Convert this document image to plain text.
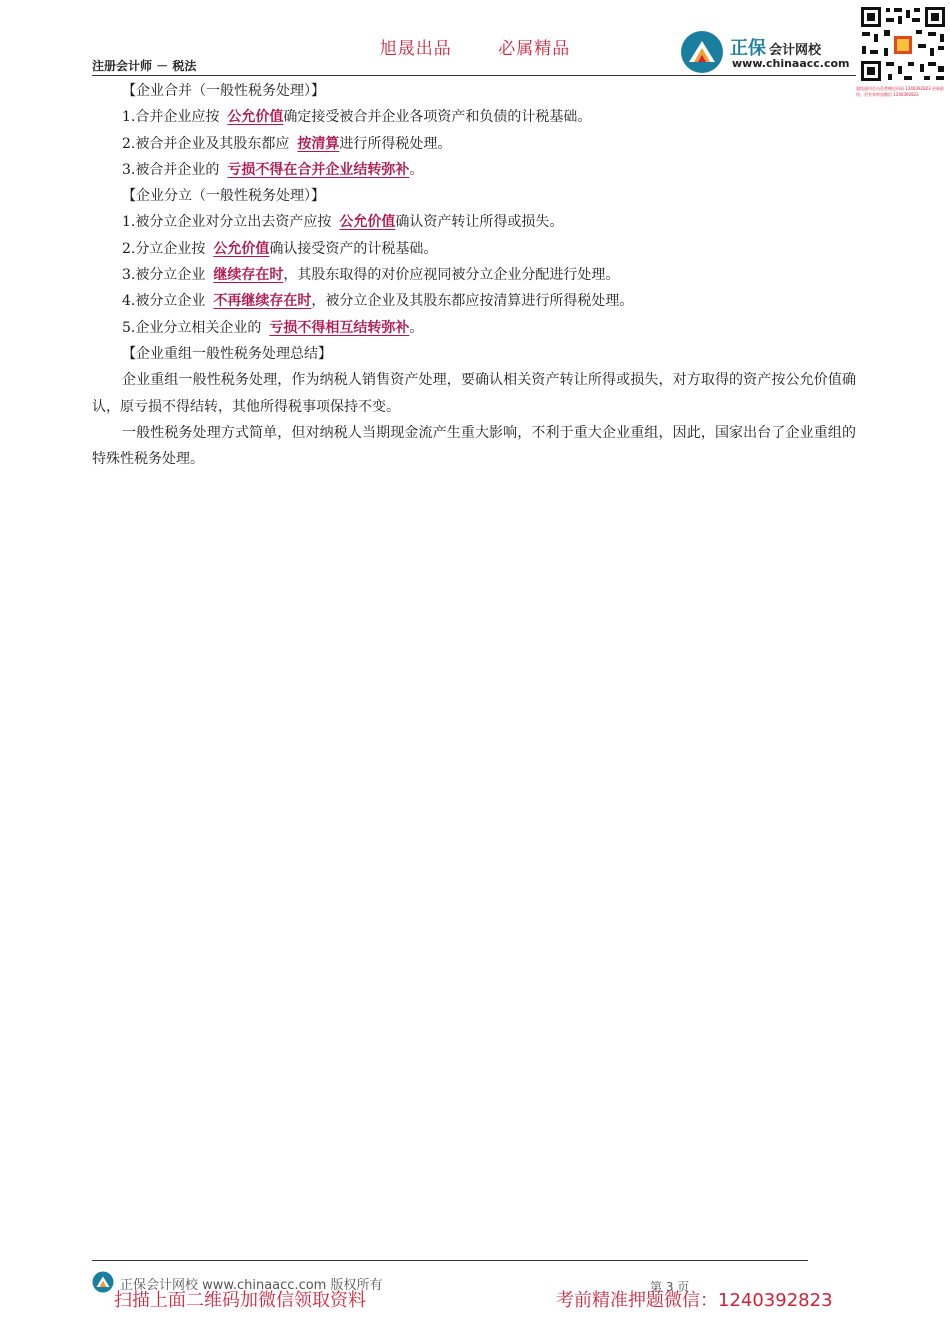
旭晟出品	必属精品
注册会计师 － 税法
正保 会计网校
www.chinaacc.com
超级通用会员免费赠送资料 1240392823 更新最快、更有效率加微信 1240392823

【企业合并（一般性税务处理）】

1.合并企业应按 公允价值确定接受被合并企业各项资产和负债的计税基础。

2.被合并企业及其股东都应 按清算进行所得税处理。

3.被合并企业的 亏损不得在合并企业结转弥补。

【企业分立（一般性税务处理）】

1.被分立企业对分立出去资产应按 公允价值确认资产转让所得或损失。

2.分立企业按 公允价值确认接受资产的计税基础。

3.被分立企业 继续存在时，其股东取得的对价应视同被分立企业分配进行处理。

4.被分立企业 不再继续存在时，被分立企业及其股东都应按清算进行所得税处理。

5.企业分立相关企业的 亏损不得相互结转弥补。

【企业重组一般性税务处理总结】

企业重组一般性税务处理，作为纳税人销售资产处理，要确认相关资产转让所得或损失，对方取得的资产按公允价值确认，原亏损不得结转，其他所得税事项保持不变。

一般性税务处理方式简单，但对纳税人当期现金流产生重大影响，不利于重大企业重组，因此，国家出台了企业重组的特殊性税务处理。

正保会计网校 www.chinaacc.com 版权所有	第 3 页
扫描上面二维码加微信领取资料	考前精准押题微信：1240392823
